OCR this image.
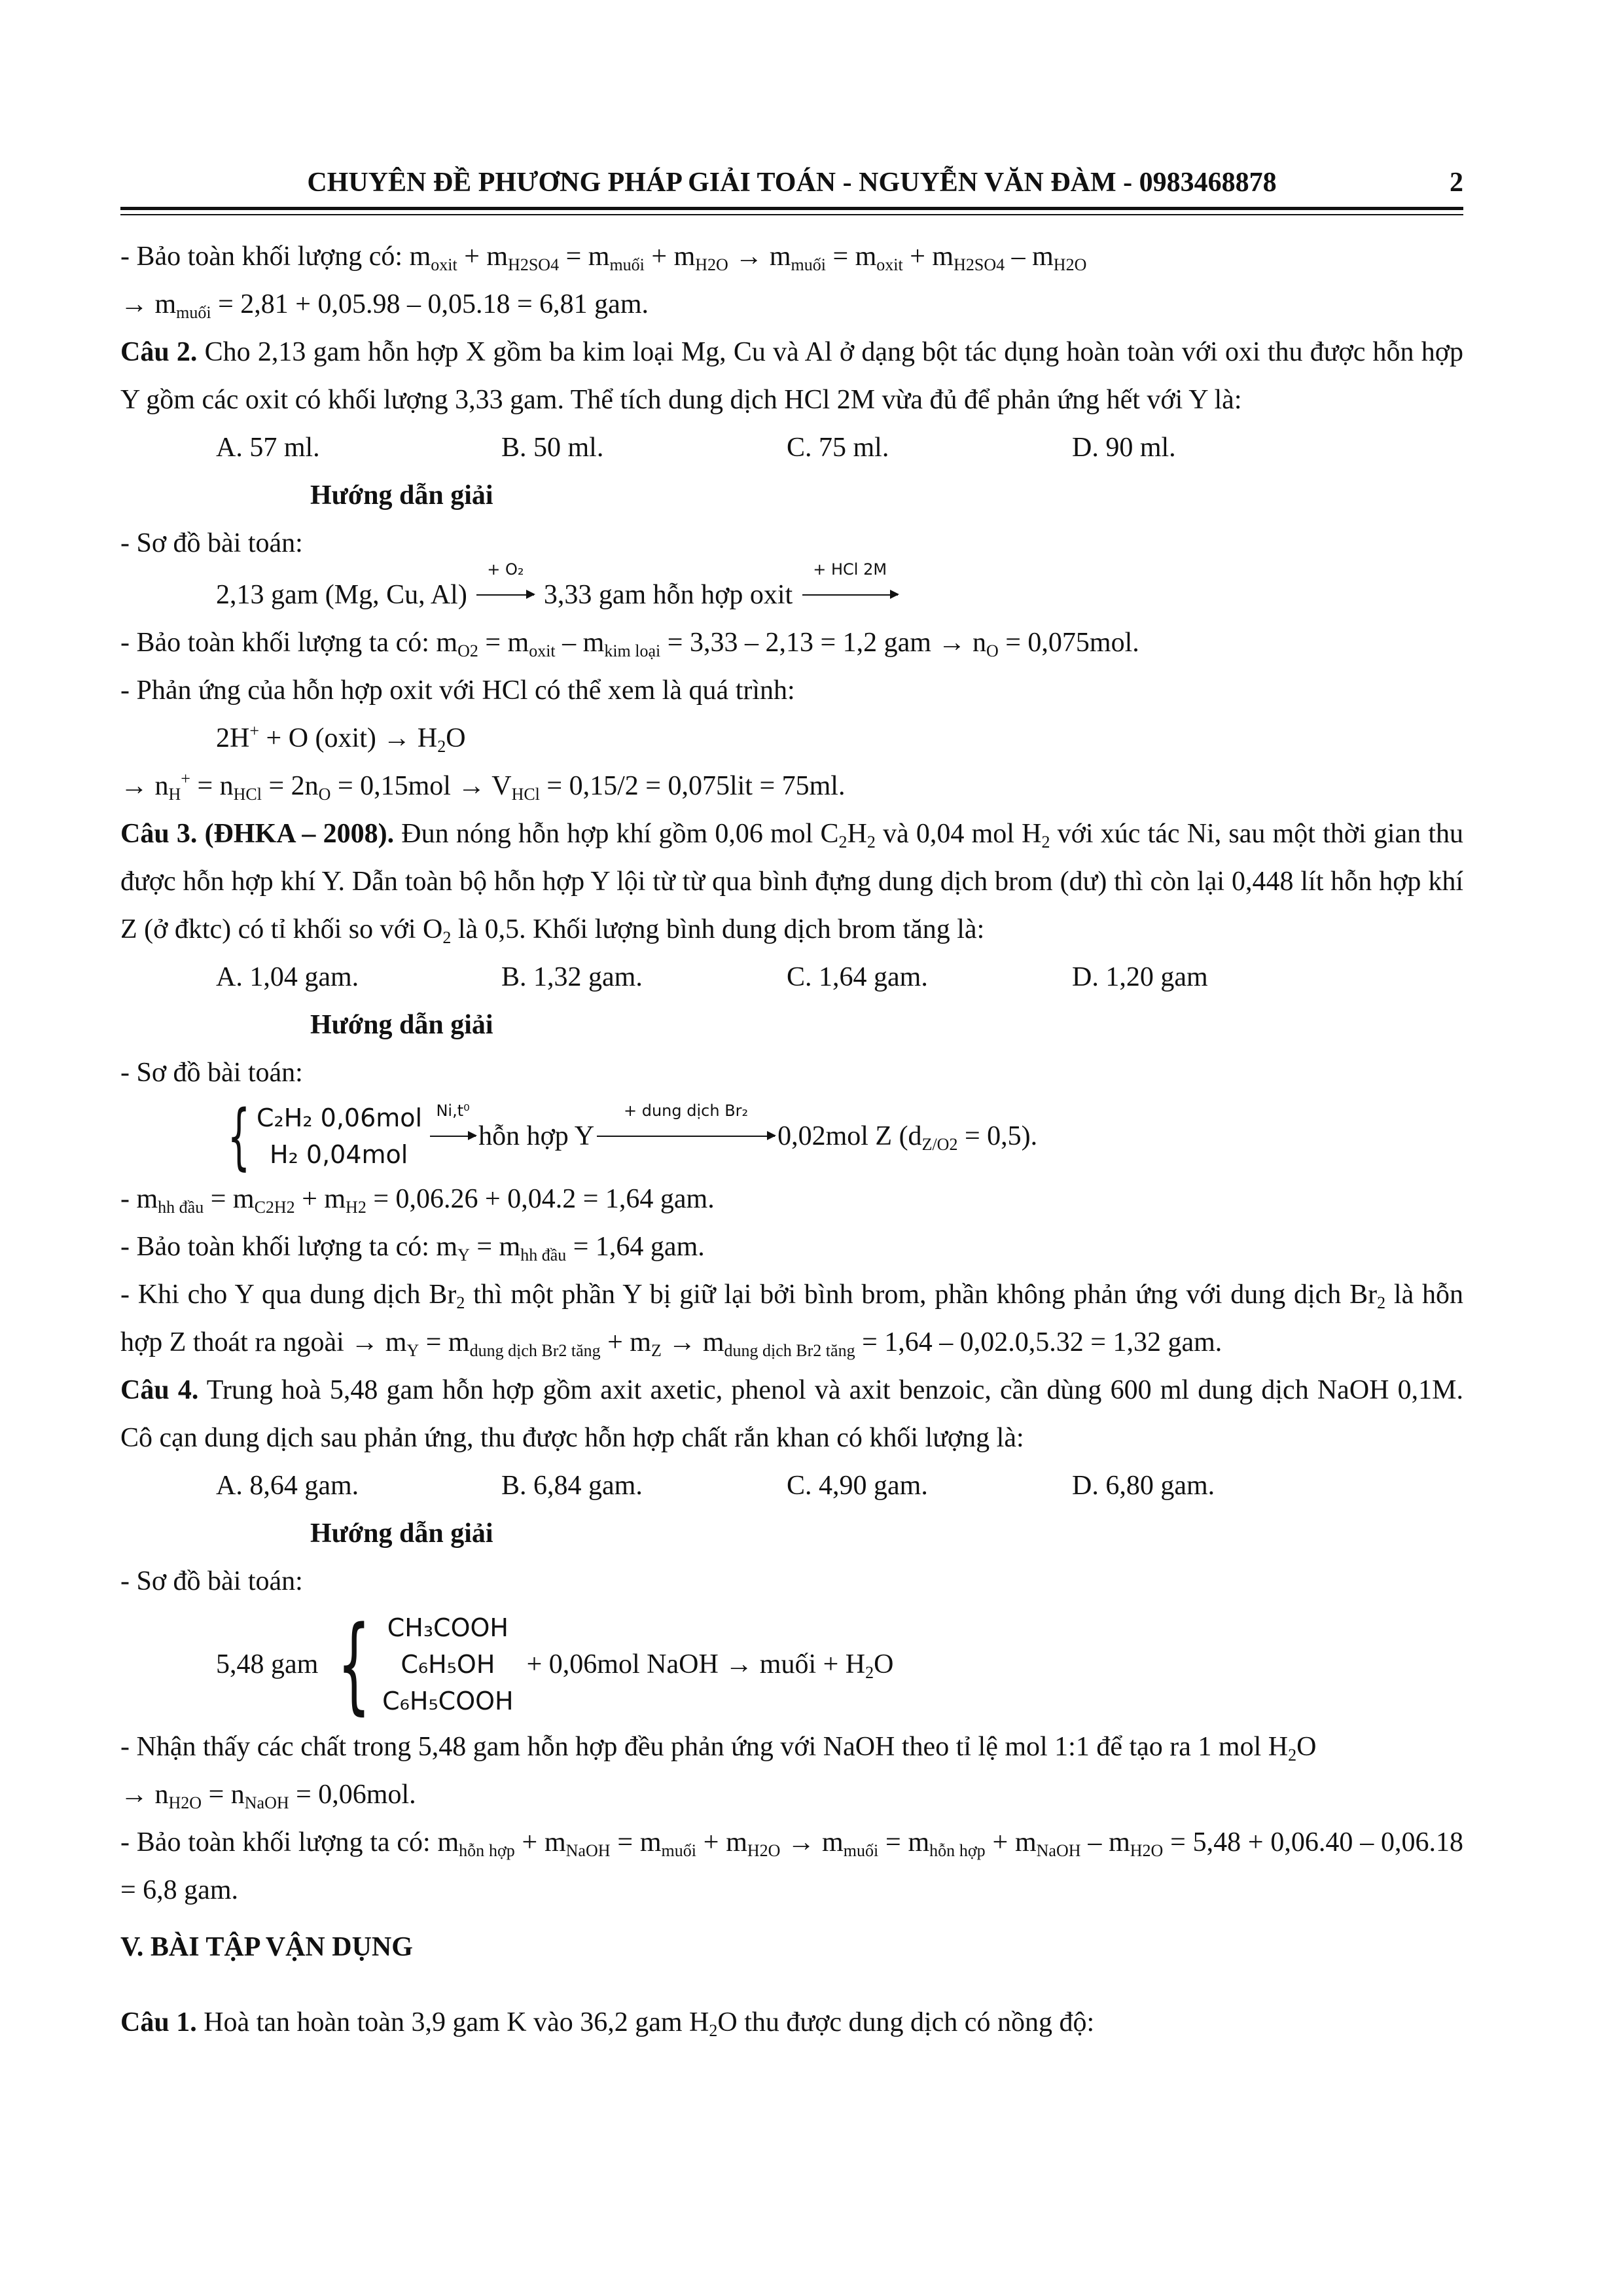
CHUYÊN ĐỀ PHƯƠNG PHÁP GIẢI TOÁN - NGUYỄN VĂN ĐÀM - 0983468878	2

- Bảo toàn khối lượng có: $m_{oxit} + m_{H2SO4} = m_{muối} + m_{H2O} \to m_{muối} = m_{oxit} + m_{H2SO4} - m_{H2O}$

→ $m_{muối} = 2,81 + 0,05.98 - 0,05.18 = 6,81$ gam.

Câu 2. Cho 2,13 gam hỗn hợp X gồm ba kim loại Mg, Cu và Al ở dạng bột tác dụng hoàn toàn với oxi thu được hỗn hợp Y gồm các oxit có khối lượng 3,33 gam. Thể tích dung dịch HCl 2M vừa đủ để phản ứng hết với Y là:

A. 57 ml.	B. 50 ml.	C. 75 ml.	D. 90 ml.

Hướng dẫn giải

- Sơ đồ bài toán:

2,13 gam (Mg, Cu, Al)
+ O₂
3,33 gam hỗn hợp oxit
+ HCl 2M

- Bảo toàn khối lượng ta có: $m_{O2} = m_{oxit} - m_{kim loại} = 3,33 - 2,13 = 1,2$ gam → $n_O = 0,075mol$.

- Phản ứng của hỗn hợp oxit với HCl có thể xem là quá trình:

2H+ + O (oxit) → $H_2O$

→ $n_H^+ = n_{HCl} = 2n_O = 0,15mol \to V_{HCl} = 0,15/2 = 0,075lit = 75ml$.

Câu 3. (ĐHKA – 2008). Đun nóng hỗn hợp khí gồm 0,06 mol $C_2H_2$ và 0,04 mol $H_2$ với xúc tác Ni, sau một thời gian thu được hỗn hợp khí Y. Dẫn toàn bộ hỗn hợp Y lội từ từ qua bình đựng dung dịch brom (dư) thì còn lại 0,448 lít hỗn hợp khí Z (ở đktc) có tỉ khối so với $O_2$ là 0,5. Khối lượng bình dung dịch brom tăng là:

A. 1,04 gam.	B. 1,32 gam.	C. 1,64 gam.	D. 1,20 gam

Hướng dẫn giải

- Sơ đồ bài toán:

{ C₂H₂ 0,06mol
H₂ 0,04mol
Ni,t⁰
hỗn hợp Y
+ dung dịch Br₂
0,02mol Z $(d_{Z/O2} = 0,5)$.

- $m_{hh đầu} = m_{C2H2} + m_{H2} = 0,06.26 + 0,04.2 = 1,64$ gam.

- Bảo toàn khối lượng ta có: $m_Y = m_{hh đầu} = 1,64$ gam.

- Khi cho Y qua dung dịch $Br_2$ thì một phần Y bị giữ lại bởi bình brom, phần không phản ứng với dung dịch $Br_2$ là hỗn hợp Z thoát ra ngoài → $m_Y = m_{dung dịch Br2 tăng} + m_Z \to m_{dung dịch Br2 tăng} = 1,64 - 0,02.0,5.32 = 1,32$ gam.

Câu 4. Trung hoà 5,48 gam hỗn hợp gồm axit axetic, phenol và axit benzoic, cần dùng 600 ml dung dịch NaOH 0,1M. Cô cạn dung dịch sau phản ứng, thu được hỗn hợp chất rắn khan có khối lượng là:

A. 8,64 gam.	B. 6,84 gam.	C. 4,90 gam.	D. 6,80 gam.

Hướng dẫn giải

- Sơ đồ bài toán:

5,48 gam { CH₃COOH
C₆H₅OH
C₆H₅COOH
+ 0,06mol NaOH → muối + $H_2O$

- Nhận thấy các chất trong 5,48 gam hỗn hợp đều phản ứng với NaOH theo tỉ lệ mol 1:1 để tạo ra 1 mol $H_2O$

→ $n_{H2O} = n_{NaOH} = 0,06mol$.

- Bảo toàn khối lượng ta có: $m_{hỗn hợp} + m_{NaOH} = m_{muối} + m_{H2O} \to m_{muối} = m_{hỗn hợp} + m_{NaOH} - m_{H2O} = 5,48 + 0,06.40 - 0,06.18 = 6,8$ gam.

V. BÀI TẬP VẬN DỤNG

Câu 1. Hoà tan hoàn toàn 3,9 gam K vào 36,2 gam $H_2O$ thu được dung dịch có nồng độ:
